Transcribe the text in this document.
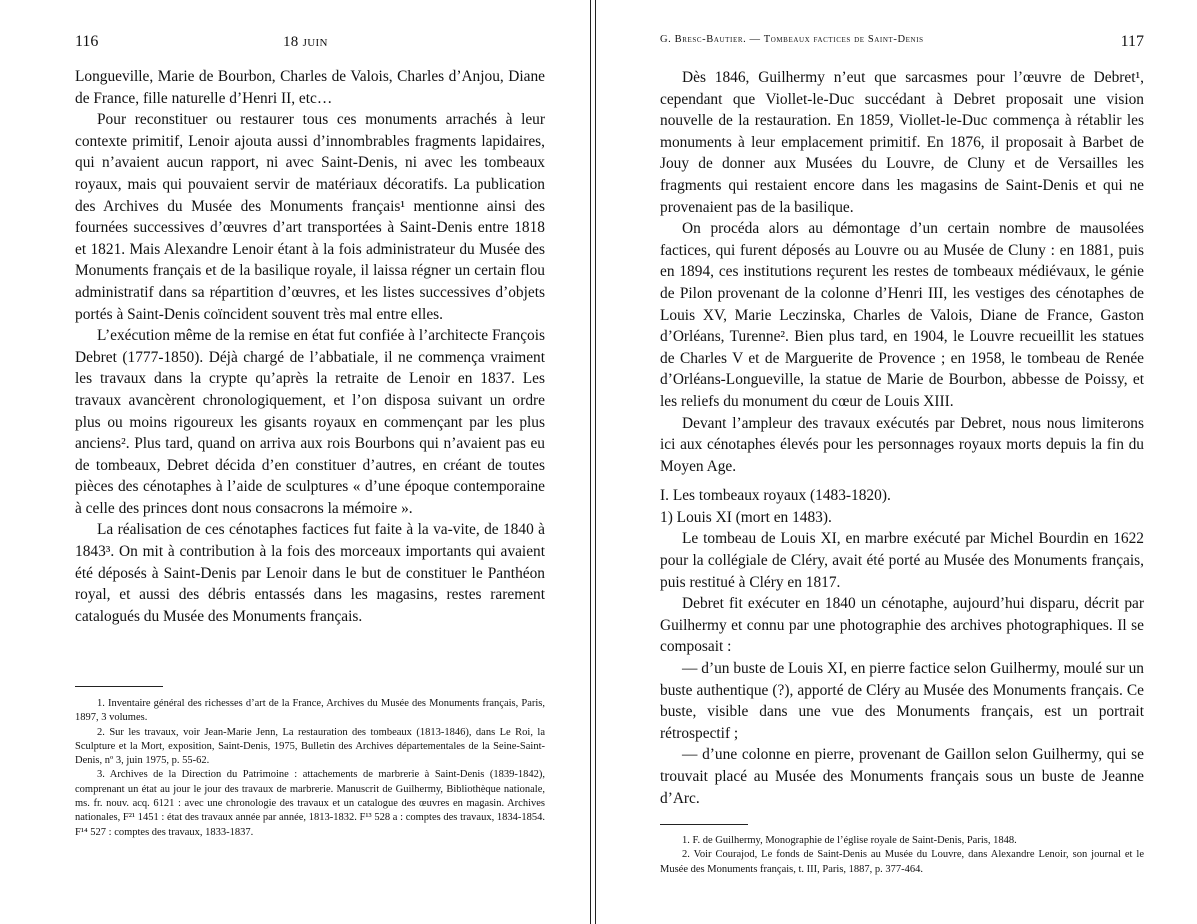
116	18 juin

Longueville, Marie de Bourbon, Charles de Valois, Charles d’Anjou, Diane de France, fille naturelle d’Henri II, etc…

Pour reconstituer ou restaurer tous ces monuments arrachés à leur contexte primitif, Lenoir ajouta aussi d’innombrables fragments lapidaires, qui n’avaient aucun rapport, ni avec Saint-Denis, ni avec les tombeaux royaux, mais qui pouvaient servir de matériaux décoratifs. La publication des Archives du Musée des Monuments français¹ mentionne ainsi des fournées successives d’œuvres d’art transportées à Saint-Denis entre 1818 et 1821. Mais Alexandre Lenoir étant à la fois administrateur du Musée des Monuments français et de la basilique royale, il laissa régner un certain flou administratif dans sa répartition d’œuvres, et les listes successives d’objets portés à Saint-Denis coïncident souvent très mal entre elles.

L’exécution même de la remise en état fut confiée à l’architecte François Debret (1777-1850). Déjà chargé de l’abbatiale, il ne commença vraiment les travaux dans la crypte qu’après la retraite de Lenoir en 1837. Les travaux avancèrent chronologiquement, et l’on disposa suivant un ordre plus ou moins rigoureux les gisants royaux en commençant par les plus anciens². Plus tard, quand on arriva aux rois Bourbons qui n’avaient pas eu de tombeaux, Debret décida d’en constituer d’autres, en créant de toutes pièces des cénotaphes à l’aide de sculptures « d’une époque contemporaine à celle des princes dont nous consacrons la mémoire ».

La réalisation de ces cénotaphes factices fut faite à la va-vite, de 1840 à 1843³. On mit à contribution à la fois des morceaux importants qui avaient été déposés à Saint-Denis par Lenoir dans le but de constituer le Panthéon royal, et aussi des débris entassés dans les magasins, restes rarement catalogués du Musée des Monuments français.

1. Inventaire général des richesses d’art de la France, Archives du Musée des Monuments français, Paris, 1897, 3 volumes.

2. Sur les travaux, voir Jean-Marie Jenn, La restauration des tombeaux (1813-1846), dans Le Roi, la Sculpture et la Mort, exposition, Saint-Denis, 1975, Bulletin des Archives départementales de la Seine-Saint-Denis, nº 3, juin 1975, p. 55-62.

3. Archives de la Direction du Patrimoine : attachements de marbrerie à Saint-Denis (1839-1842), comprenant un état au jour le jour des travaux de marbrerie. Manuscrit de Guilhermy, Bibliothèque nationale, ms. fr. nouv. acq. 6121 : avec une chronologie des travaux et un catalogue des œuvres en magasin. Archives nationales, F²¹ 1451 : état des travaux année par année, 1813-1832. F¹³ 528 a : comptes des travaux, 1834-1854. F¹⁴ 527 : comptes des travaux, 1833-1837.

G. Bresc-Bautier. — Tombeaux factices de Saint-Denis	117

Dès 1846, Guilhermy n’eut que sarcasmes pour l’œuvre de Debret¹, cependant que Viollet-le-Duc succédant à Debret proposait une vision nouvelle de la restauration. En 1859, Viollet-le-Duc commença à rétablir les monuments à leur emplacement primitif. En 1876, il proposait à Barbet de Jouy de donner aux Musées du Louvre, de Cluny et de Versailles les fragments qui restaient encore dans les magasins de Saint-Denis et qui ne provenaient pas de la basilique.

On procéda alors au démontage d’un certain nombre de mausolées factices, qui furent déposés au Louvre ou au Musée de Cluny : en 1881, puis en 1894, ces institutions reçurent les restes de tombeaux médiévaux, le génie de Pilon provenant de la colonne d’Henri III, les vestiges des cénotaphes de Louis XV, Marie Leczinska, Charles de Valois, Diane de France, Gaston d’Orléans, Turenne². Bien plus tard, en 1904, le Louvre recueillit les statues de Charles V et de Marguerite de Provence ; en 1958, le tombeau de Renée d’Orléans-Longueville, la statue de Marie de Bourbon, abbesse de Poissy, et les reliefs du monument du cœur de Louis XIII.

Devant l’ampleur des travaux exécutés par Debret, nous nous limiterons ici aux cénotaphes élevés pour les personnages royaux morts depuis la fin du Moyen Age.

I. Les tombeaux royaux (1483-1820).

1) Louis XI (mort en 1483).

Le tombeau de Louis XI, en marbre exécuté par Michel Bourdin en 1622 pour la collégiale de Cléry, avait été porté au Musée des Monuments français, puis restitué à Cléry en 1817.

Debret fit exécuter en 1840 un cénotaphe, aujourd’hui disparu, décrit par Guilhermy et connu par une photographie des archives photographiques. Il se composait :

— d’un buste de Louis XI, en pierre factice selon Guilhermy, moulé sur un buste authentique (?), apporté de Cléry au Musée des Monuments français. Ce buste, visible dans une vue des Monuments français, est un portrait rétrospectif ;

— d’une colonne en pierre, provenant de Gaillon selon Guilhermy, qui se trouvait placé au Musée des Monuments français sous un buste de Jeanne d’Arc.

1. F. de Guilhermy, Monographie de l’église royale de Saint-Denis, Paris, 1848.

2. Voir Courajod, Le fonds de Saint-Denis au Musée du Louvre, dans Alexandre Lenoir, son journal et le Musée des Monuments français, t. III, Paris, 1887, p. 377-464.
